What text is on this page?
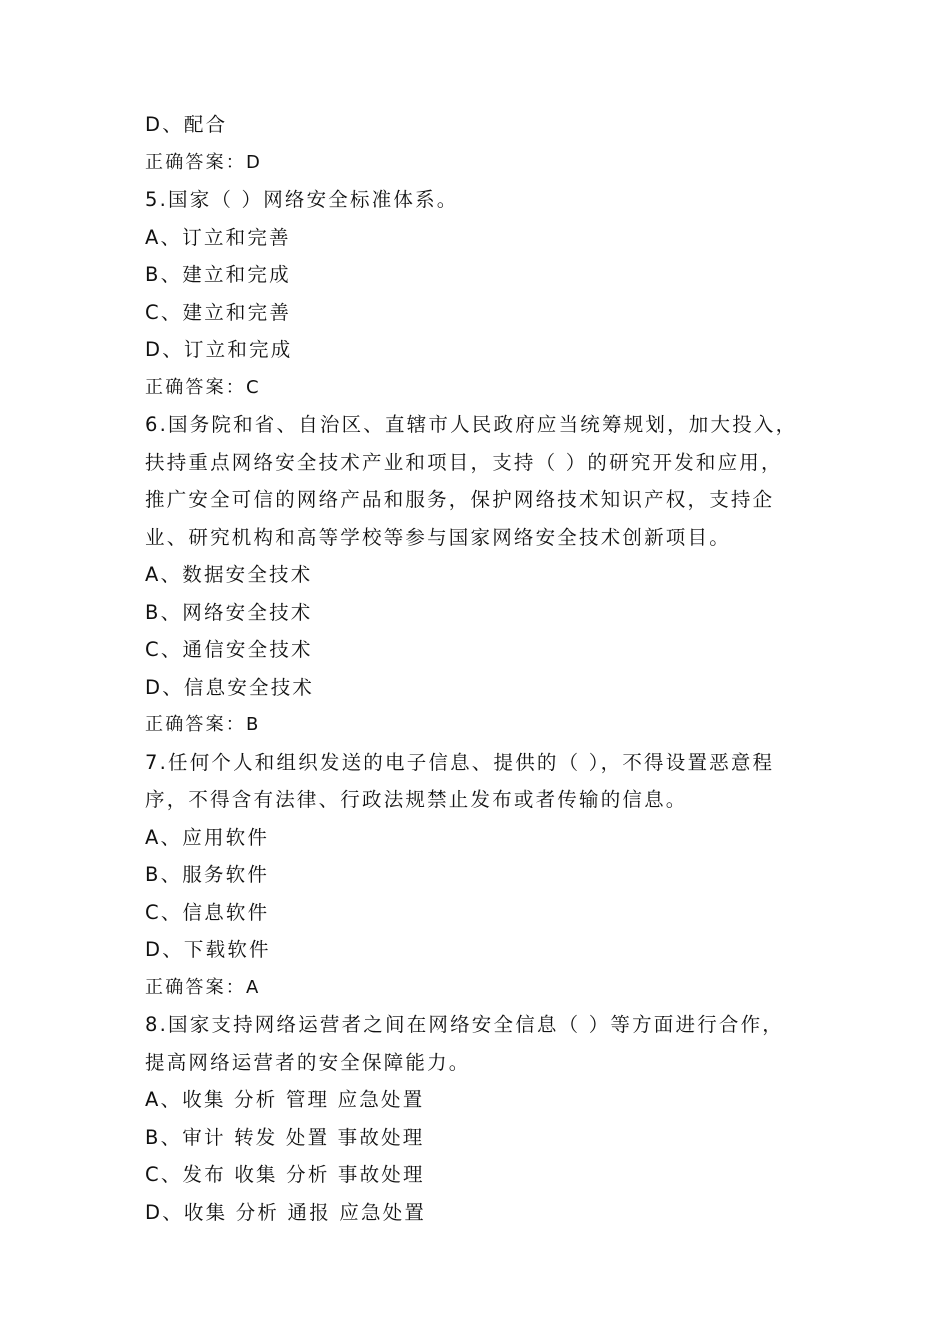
D、配合
正确答案：D
5.国家（ ）网络安全标准体系。
A、订立和完善
B、建立和完成
C、建立和完善
D、订立和完成
正确答案：C
6.国务院和省、自治区、直辖市人民政府应当统筹规划，加大投入，
扶持重点网络安全技术产业和项目，支持（ ）的研究开发和应用，
推广安全可信的网络产品和服务，保护网络技术知识产权，支持企
业、研究机构和高等学校等参与国家网络安全技术创新项目。
A、数据安全技术
B、网络安全技术
C、通信安全技术
D、信息安全技术
正确答案：B
7.任何个人和组织发送的电子信息、提供的（ ），不得设置恶意程
序，不得含有法律、行政法规禁止发布或者传输的信息。
A、应用软件
B、服务软件
C、信息软件
D、下载软件
正确答案：A
8.国家支持网络运营者之间在网络安全信息（ ）等方面进行合作，
提高网络运营者的安全保障能力。
A、收集 分析 管理 应急处置
B、审计 转发 处置 事故处理
C、发布 收集 分析 事故处理
D、收集 分析 通报 应急处置
